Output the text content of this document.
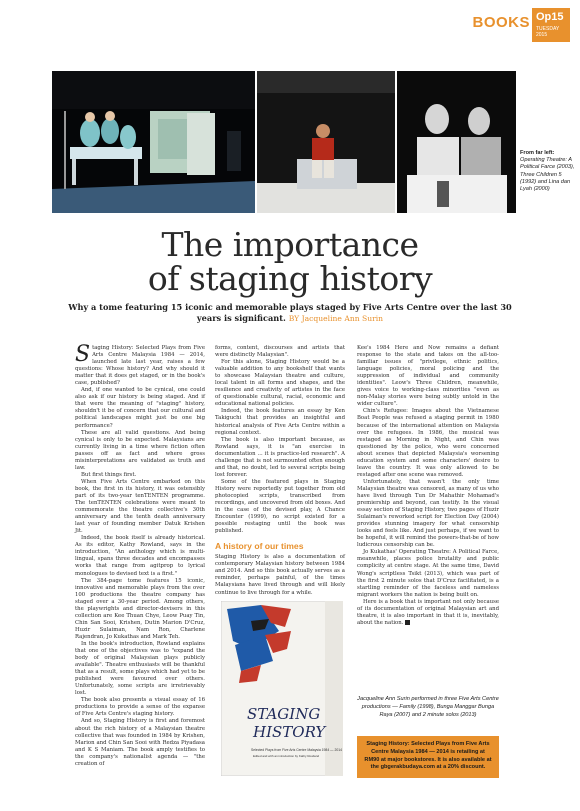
BOOKS Op15
TUESDAY
2015
From far left: Operating Theatre: A Political Farce (2003), Three Children 5 (1992) and Lina dan Lyah (2000)
The importance
of staging history
Why a tome featuring 15 iconic and memorable plays staged by Five Arts Centre over the last 30 years is significant. BY Jacqueline Ann Surin

Staging History: Selected Plays from Five Arts Centre Malaysia 1984 — 2014, launched late last year, raises a few questions: Whose history? And why should it matter that it does get staged, or in the book's case, published?

And, if one wanted to be cynical, one could also ask if our history is being staged. And if that were the meaning of "staging" history, shouldn't it be of concern that our cultural and political landscapes might just be one big performance?

These are all valid questions. And being cynical is only to be expected. Malaysians are currently living in a time where fiction often passes off as fact and where gross misinterpretations are validated as truth and law.

But first things first.

When Five Arts Centre embarked on this book, the first in its history, it was ostensibly part of its two-year tenTENTEN programme. The tenTENTEN celebrations were meant to commemorate the theatre collective's 30th anniversary and the tenth death anniversary last year of founding member Datuk Krishen Jit.

Indeed, the book itself is already historical. As its editor, Kathy Rowland, says in the introduction, "An anthology which is multi-lingual, spans three decades and encompasses works that range from agitprop to lyrical monologues to devised text is a first."

The 384-page tome features 15 iconic, innovative and memorable plays from the over 100 productions the theatre company has staged over a 30-year period. Among others, the playwrights and director-devisers in this collection are Kee Thuan Chye, Leow Puay Tin, Chin San Sooi, Krishen, Dutin Marion D'Cruz, Huzir Sulaiman, Nam Ron, Charlene Rajendran, Jo Kukathas and Mark Teh.

In the book's introduction, Rowland explains that one of the objectives was to "expand the body of original Malaysian plays publicly available". Theatre enthusiasts will be thankful that as a result, some plays which had yet to be published were favoured over others. Unfortunately, some scripts are irretrievably lost.

The book also presents a visual essay of 16 productions to provide a sense of the expanse of Five Arts Centre's staging history.

And so, Staging History is first and foremost about the rich history of a Malaysian theatre collective that was founded in 1984 by Krishen, Marion and Chin San Sooi with Redza Piyadasa and K S Maniam. The book amply testifies to the company's nationalist agenda — "the creation of

forms, content, discourses and artists that were distinctly Malaysian".

For this alone, Staging History would be a valuable addition to any bookshelf that wants to showcase Malaysian theatre and culture, local talent in all forms and shapes, and the resilience and creativity of artistes in the face of questionable cultural, racial, economic and educational national policies.

Indeed, the book features an essay by Ken Takiguchi that provides an insightful and historical analysis of Five Arts Centre within a regional context.

The book is also important because, as Rowland says, it is "an exercise in documentation ... it is practice-led research". A challenge that is not surmounted often enough and that, no doubt, led to several scripts being lost forever.

Some of the featured plays in Staging History were reportedly put together from old photocopied scripts, transcribed from recordings, and uncovered from old boxes. And in the case of the devised play, A Chance Encounter (1999), no script existed for a possible restaging until the book was published.

A history of our times

Staging History is also a documentation of contemporary Malaysian history between 1984 and 2014. And so this book actually serves as a reminder, perhaps painful, of the times Malaysians have lived through and will likely continue to live through for a while.

Kee's 1984 Here and Now remains a defiant response to the state and takes on the all-too-familiar issues of "privilege, ethnic politics, language policies, moral policing and the suppression of individual and community identities". Leow's Three Children, meanwhile, gives voice to working-class minorities "even as non-Malay stories were being subtly untold in the wider culture".

Chin's Refugee: Images about the Vietnamese Boat People was refused a staging permit in 1980 because of the international attention on Malaysia over the refugees. In 1986, the musical was restaged as Morning in Night, and Chin was questioned by the police, who were concerned about scenes that depicted Malaysia's worsening education system and some characters' desire to leave the country. It was only allowed to be restaged after one scene was removed.

Unfortunately, that wasn't the only time Malaysian theatre was censored, as many of us who have lived through Tun Dr Mahathir Mohamad's premiership and beyond, can testify. In the visual essay section of Staging History, two pages of Huzir Sulaiman's reworked script for Election Day (2004) provides stunning imagery for what censorship looks and feels like. And just perhaps, if we want to be hopeful, it will remind the powers-that-be of how ludicrous censorship can be.

Jo Kukathas' Operating Theatre: A Political Farce, meanwhile, places police brutality and public complicity at centre stage. At the same time, David Wong's scriptless Tsikt (2013), which was part of the first 2 minute solos that D'Cruz facilitated, is a startling reminder of the faceless and nameless migrant workers the nation is being built on.

Here is a book that is important not only because of its documentation of original Malaysian art and theatre, it is also important in that it is, inevitably, about the nation.

STAGING
HISTORY
Selected Plays from Five Arts Centre Malaysia 1984 — 2014
Edited and with an introduction by Kathy Rowland
Jacqueline Ann Surin performed in three Five Arts Centre productions — Family (1998), Bunga Manggar Bunga Raya (2007) and 2 minute solos (2013)
Staging History: Selected Plays from Five Arts Centre Malaysia 1984 — 2014 is retailing at RM90 at major bookstores. It is also available at the gbgerakbudaya.com at a 20% discount.
